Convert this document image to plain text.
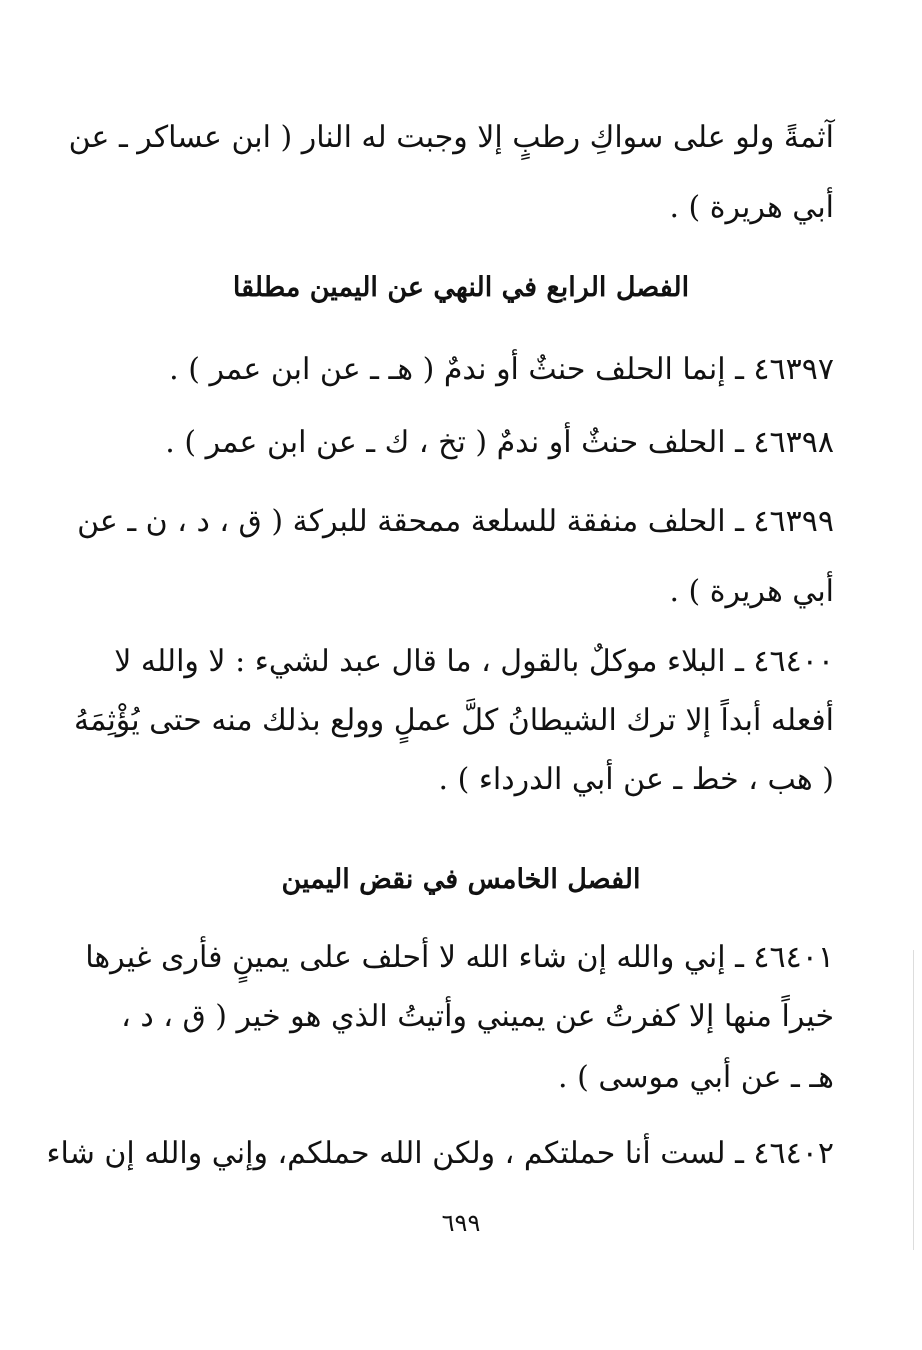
آثمةً ولو على سواكِ رطبٍ إلا وجبت له النار ( ابن عساكر ـ عن
أبي هريرة ) .
الفصل الرابع في النهي عن اليمين مطلقا
٤٦٣٩٧ ـ إنما الحلف حنثٌ أو ندمٌ ( هـ ـ عن ابن عمر ) .
٤٦٣٩٨ ـ الحلف حنثٌ أو ندمٌ ( تخ ، ك ـ عن ابن عمر ) .
٤٦٣٩٩ ـ الحلف منفقة للسلعة ممحقة للبركة ( ق ، د ، ن ـ عن
أبي هريرة ) .
٤٦٤٠٠ ـ البلاء موكلٌ بالقول ، ما قال عبد لشيء : لا والله لا
أفعله أبداً إلا ترك الشيطانُ كلَّ عملٍ وولع بذلك منه حتى يُؤْثِمَهُ
( هب ، خط ـ عن أبي الدرداء ) .
الفصل الخامس في نقض اليمين
٤٦٤٠١ ـ إني والله إن شاء الله لا أحلف على يمينٍ فأرى غيرها
خيراً منها إلا كفرتُ عن يميني وأتيتُ الذي هو خير ( ق ، د ،
هـ ـ عن أبي موسى ) .
٤٦٤٠٢ ـ لست أنا حملتكم ، ولكن الله حملكم، وإني والله إن شاء
٦٩٩
